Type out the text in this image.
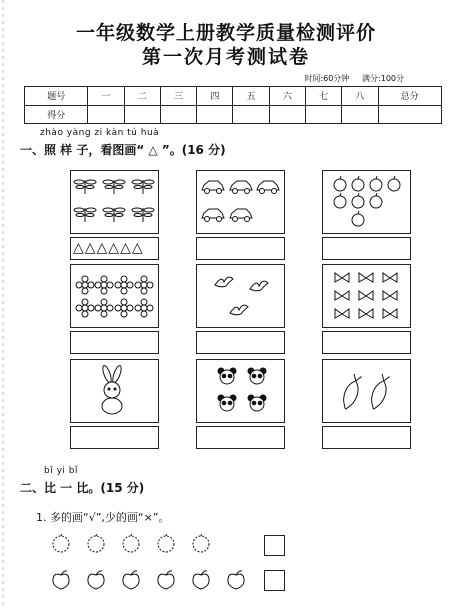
一年级数学上册教学质量检测评价
第一次月考测试卷
时间:60分钟 满分:100分
题号	一	二	三	四	五	六	七	八	总分
得分									
zhào yàng zi kàn tú huà
一、照 样 子，看图画“ △ ”。(16 分)
△△△△△△
bǐ yi bǐ
二、比 一 比。(15 分)
1. 多的画“√”,少的画“×”。
